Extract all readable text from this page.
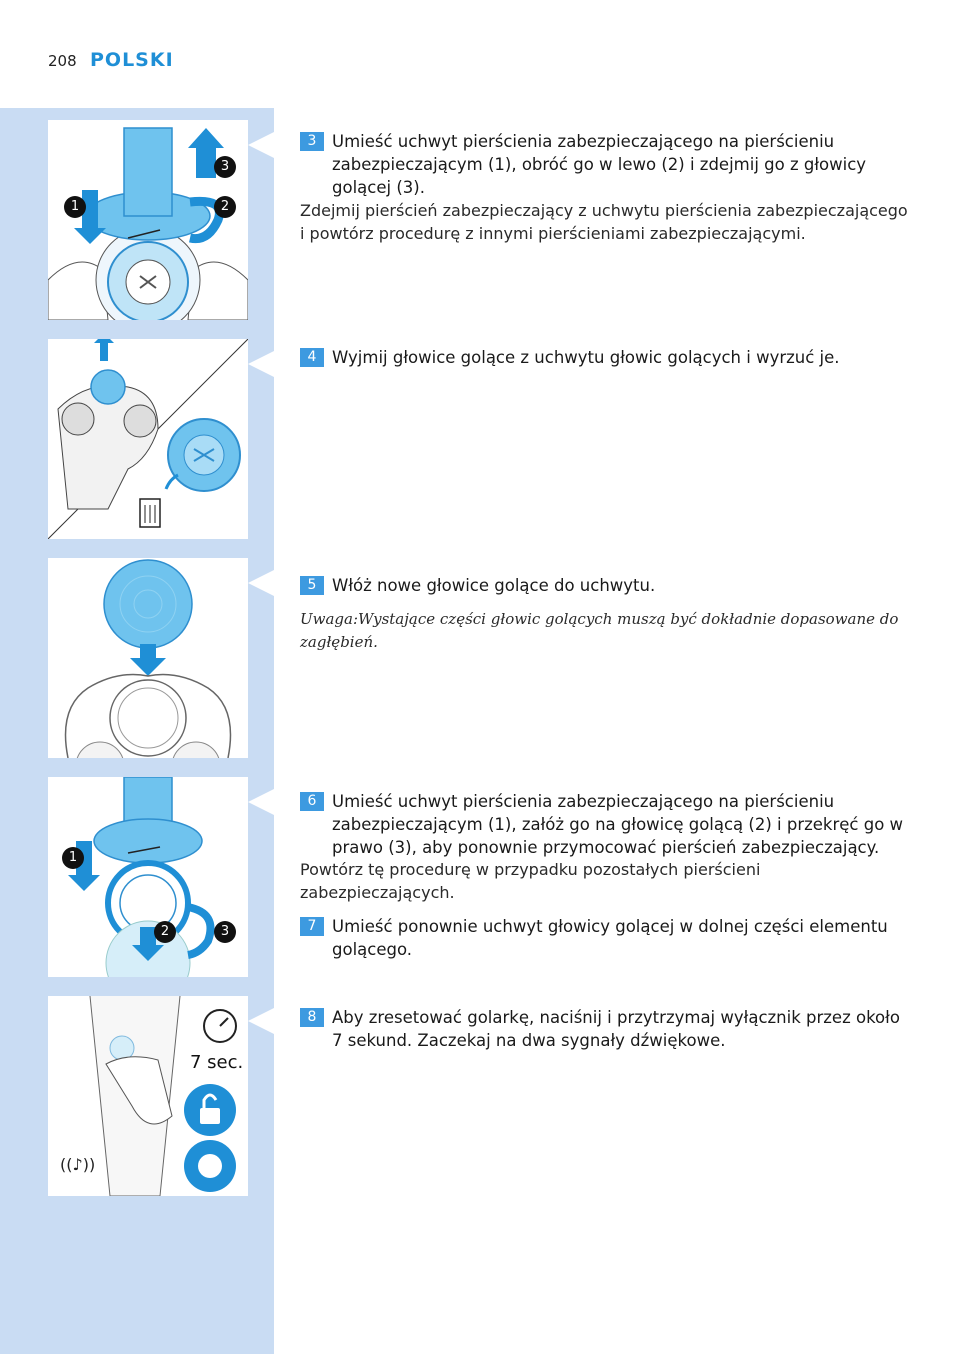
208 POLSKI
1	2
3
1
2	3
((♪))
7 sec.
3 Umieść uchwyt pierścienia zabezpieczającego na pierścieniu zabezpieczającym (1), obróć go w lewo (2) i zdejmij go z głowicy golącej (3).
Zdejmij pierścień zabezpieczający z uchwytu pierścienia zabezpieczającego i powtórz procedurę z innymi pierścieniami zabezpieczającymi.
4 Wyjmij głowice golące z uchwytu głowic golących i wyrzuć je.
5 Włóż nowe głowice golące do uchwytu.
Uwaga:Wystające części głowic golących muszą być dokładnie dopasowane do zagłębień.
6 Umieść uchwyt pierścienia zabezpieczającego na pierścieniu zabezpieczającym (1), załóż go na głowicę golącą (2) i przekręć go w prawo (3), aby ponownie przymocować pierścień zabezpieczający.
Powtórz tę procedurę w przypadku pozostałych pierścieni zabezpieczających.
7 Umieść ponownie uchwyt głowicy golącej w dolnej części elementu golącego.
8 Aby zresetować golarkę, naciśnij i przytrzymaj wyłącznik przez około 7 sekund. Zaczekaj na dwa sygnały dźwiękowe.
